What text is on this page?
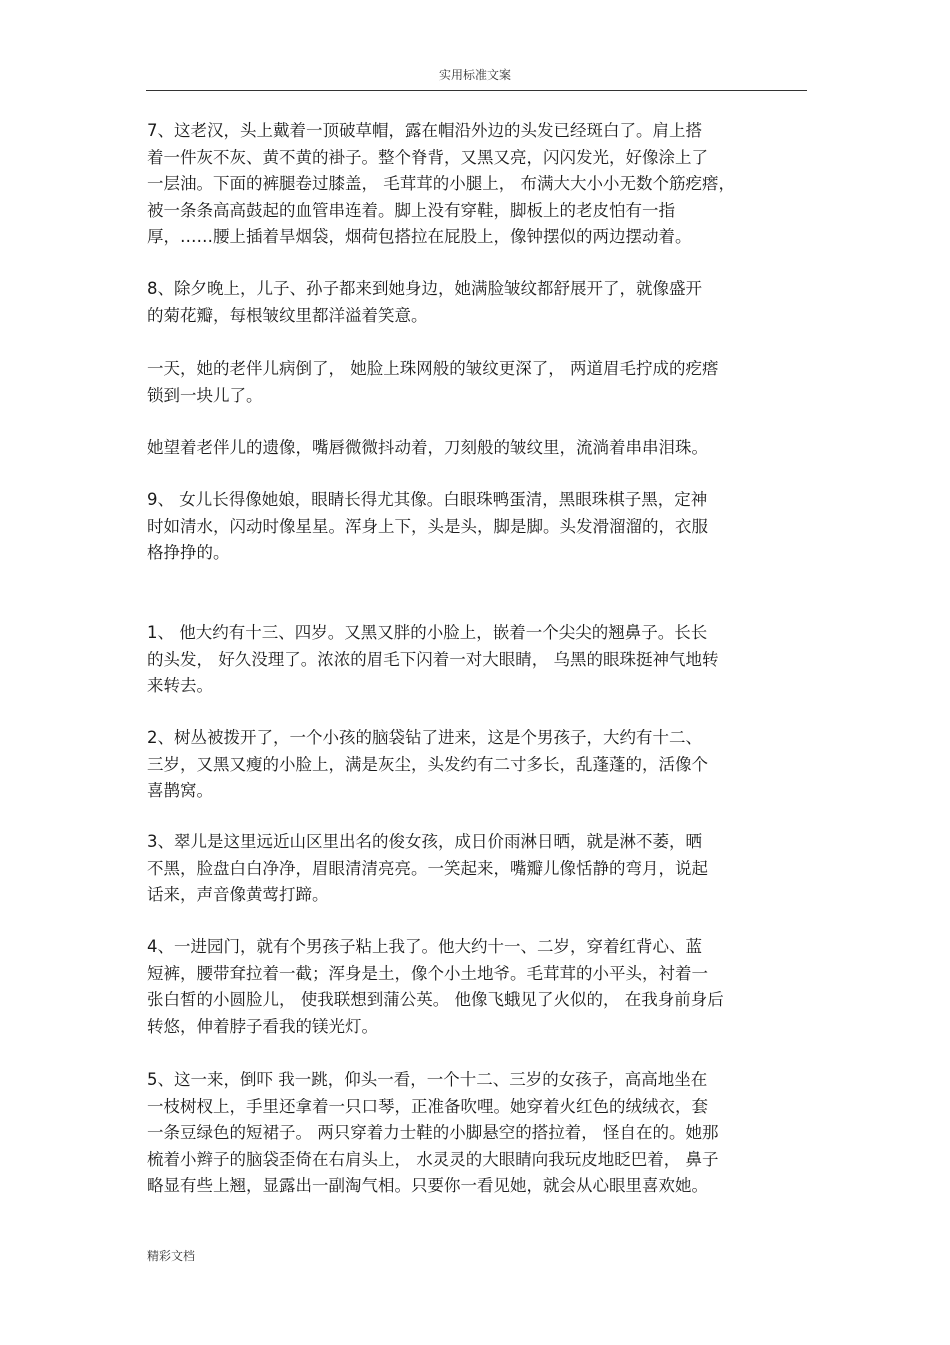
实用标准文案
7、这老汉，头上戴着一顶破草帽，露在帽沿外边的头发已经斑白了。肩上搭
着一件灰不灰、黄不黄的褂子。整个脊背，又黑又亮，闪闪发光，好像涂上了
一层油。下面的裤腿卷过膝盖， 毛茸茸的小腿上， 布满大大小小无数个筋疙瘩，
被一条条高高鼓起的血管串连着。脚上没有穿鞋，脚板上的老皮怕有一指
厚，……腰上插着旱烟袋，烟荷包搭拉在屁股上，像钟摆似的两边摆动着。
8、除夕晚上，儿子、孙子都来到她身边，她满脸皱纹都舒展开了，就像盛开
的菊花瓣，每根皱纹里都洋溢着笑意。
一天，她的老伴儿病倒了， 她脸上珠网般的皱纹更深了， 两道眉毛拧成的疙瘩
锁到一块儿了。
她望着老伴儿的遗像，嘴唇微微抖动着，刀刻般的皱纹里，流淌着串串泪珠。
9、 女儿长得像她娘，眼睛长得尤其像。白眼珠鸭蛋清，黑眼珠棋子黑，定神
时如清水，闪动时像星星。浑身上下，头是头，脚是脚。头发滑溜溜的，衣服
格挣挣的。
1、 他大约有十三、四岁。又黑又胖的小脸上，嵌着一个尖尖的翘鼻子。长长
的头发， 好久没理了。浓浓的眉毛下闪着一对大眼睛， 乌黑的眼珠挺神气地转
来转去。
2、树丛被拨开了，一个小孩的脑袋钻了进来，这是个男孩子，大约有十二、
三岁，又黑又瘦的小脸上，满是灰尘，头发约有二寸多长，乱蓬蓬的，活像个
喜鹊窝。
3、翠儿是这里远近山区里出名的俊女孩，成日价雨淋日晒，就是淋不萎，晒
不黑，脸盘白白净净，眉眼清清亮亮。一笑起来，嘴瓣儿像恬静的弯月，说起
话来，声音像黄莺打蹄。
4、一进园门，就有个男孩子粘上我了。他大约十一、二岁，穿着红背心、蓝
短裤，腰带耷拉着一截；浑身是土，像个小土地爷。毛茸茸的小平头，衬着一
张白皙的小圆脸儿， 使我联想到蒲公英。 他像飞蛾见了火似的， 在我身前身后
转悠，伸着脖子看我的镁光灯。
5、这一来，倒吓 我一跳，仰头一看，一个十二、三岁的女孩子，高高地坐在
一枝树杈上，手里还拿着一只口琴，正准备吹哩。她穿着火红色的绒绒衣，套
一条豆绿色的短裙子。 两只穿着力士鞋的小脚悬空的搭拉着， 怪自在的。她那
梳着小辫子的脑袋歪倚在右肩头上， 水灵灵的大眼睛向我玩皮地眨巴着， 鼻子
略显有些上翘，显露出一副淘气相。只要你一看见她，就会从心眼里喜欢她。
精彩文档
